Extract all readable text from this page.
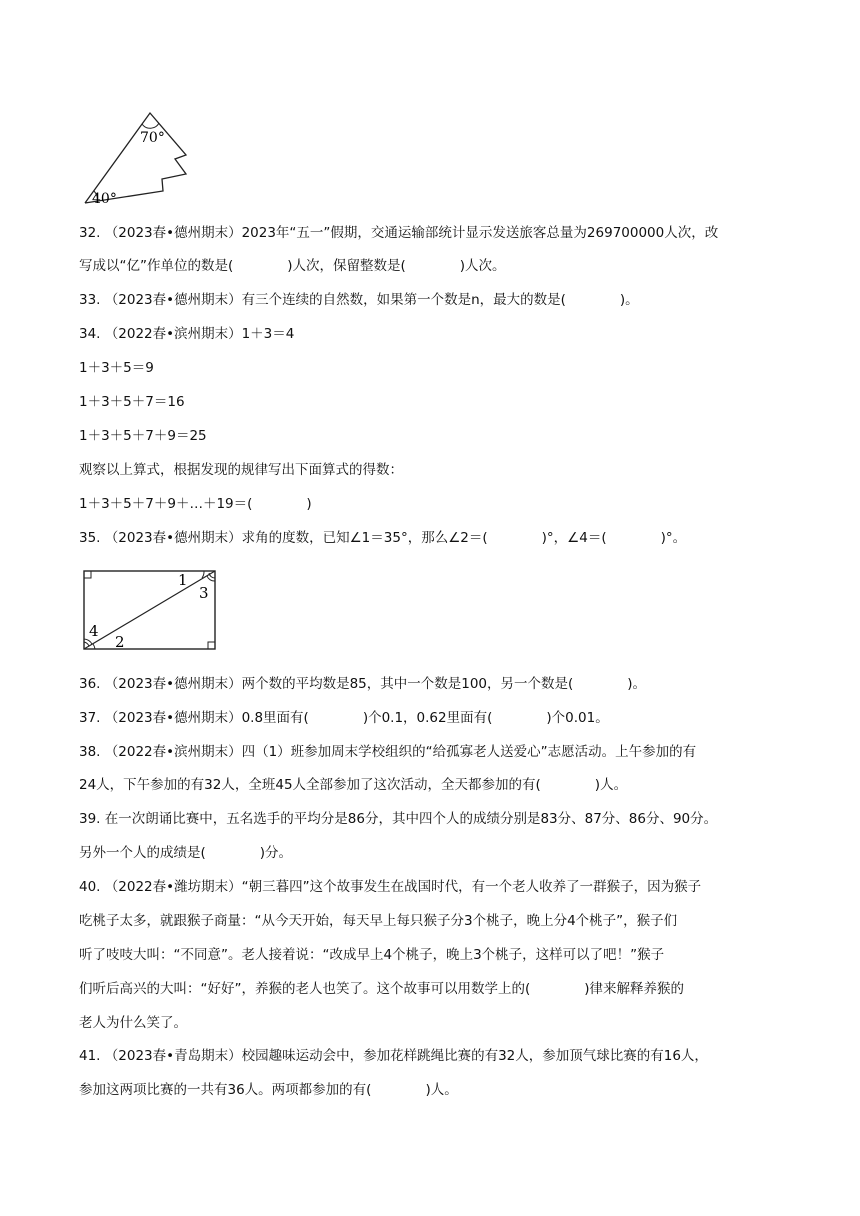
70°
40°
32. （2023春•德州期末）2023年“五一”假期，交通运输部统计显示发送旅客总量为269700000人次，改
写成以“亿”作单位的数是(　　　　)人次，保留整数是(　　　　)人次。
33. （2023春•德州期末）有三个连续的自然数，如果第一个数是n，最大的数是(　　　　)。
34. （2022春•滨州期末）1＋3＝4
1＋3＋5＝9
1＋3＋5＋7＝16
1＋3＋5＋7＋9＝25
观察以上算式，根据发现的规律写出下面算式的得数：
1＋3＋5＋7＋9＋…＋19＝(　　　　)
35. （2023春•德州期末）求角的度数，已知∠1＝35°，那么∠2＝(　　　　)°，∠4＝(　　　　)°。
1
3
4
2
36. （2023春•德州期末）两个数的平均数是85，其中一个数是100，另一个数是(　　　　)。
37. （2023春•德州期末）0.8里面有(　　　　)个0.1，0.62里面有(　　　　)个0.01。
38. （2022春•滨州期末）四（1）班参加周末学校组织的“给孤寡老人送爱心”志愿活动。上午参加的有
24人，下午参加的有32人，全班45人全部参加了这次活动，全天都参加的有(　　　　)人。
39. 在一次朗诵比赛中，五名选手的平均分是86分，其中四个人的成绩分别是83分、87分、86分、90分。
另外一个人的成绩是(　　　　)分。
40. （2022春•潍坊期末）“朝三暮四”这个故事发生在战国时代，有一个老人收养了一群猴子，因为猴子
吃桃子太多，就跟猴子商量：“从今天开始，每天早上每只猴子分3个桃子，晚上分4个桃子”，猴子们
听了吱吱大叫：“不同意”。老人接着说：“改成早上4个桃子，晚上3个桃子，这样可以了吧！”猴子
们听后高兴的大叫：“好好”，养猴的老人也笑了。这个故事可以用数学上的(　　　　)律来解释养猴的
老人为什么笑了。
41. （2023春•青岛期末）校园趣味运动会中，参加花样跳绳比赛的有32人，参加顶气球比赛的有16人，
参加这两项比赛的一共有36人。两项都参加的有(　　　　)人。
